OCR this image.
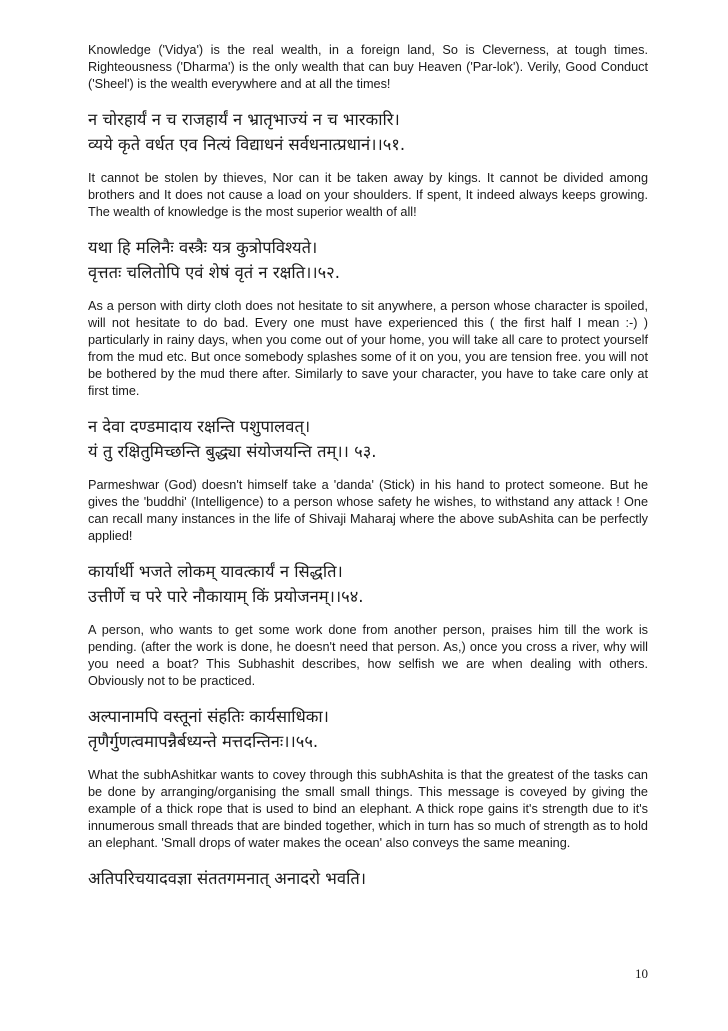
Knowledge ('Vidya') is the real wealth, in a foreign land, So is Cleverness, at tough times. Righteousness ('Dharma') is the only wealth that can buy Heaven ('Par-lok'). Verily, Good Conduct ('Sheel') is the wealth everywhere and at all the times!

न चोरहार्यं न च राजहार्यं न भ्रातृभाज्यं न च भारकारि।

व्यये कृते वर्धत एव नित्यं विद्याधनं सर्वधनात्प्रधानं।।५१.

It cannot be stolen by thieves, Nor can it be taken away by kings. It cannot be divided among brothers and It does not cause a load on your shoulders. If spent, It indeed always keeps growing. The wealth of knowledge is the most superior wealth of all!

यथा हि मलिनैः वस्त्रैः यत्र कुत्रोपविश्यते।

वृत्ततः चलितोपि एवं शेषं वृतं न रक्षति।।५२.

As a person with dirty cloth does not hesitate to sit anywhere, a person whose character is spoiled, will not hesitate to do bad. Every one must have experienced this ( the first half I mean :-) ) particularly in rainy days, when you come out of your home, you will take all care to protect yourself from the mud etc. But once somebody splashes some of it on you, you are tension free. you will not be bothered by the mud there after. Similarly to save your character, you have to take care only at first time.

न देवा दण्डमादाय रक्षन्ति पशुपालवत्।

यं तु रक्षितुमिच्छन्ति बुद्ध्या संयोजयन्ति तम्।। ५३.

Parmeshwar (God) doesn't himself take a 'danda' (Stick) in his hand to protect someone. But he gives the 'buddhi' (Intelligence) to a person whose safety he wishes, to withstand any attack ! One can recall many instances in the life of Shivaji Maharaj where the above subAshita can be perfectly applied!

कार्यार्थी भजते लोकम् यावत्कार्यं न सिद्धति।

उत्तीर्णे च परे पारे नौकायाम् किं प्रयोजनम्।।५४.

A person, who wants to get some work done from another person, praises him till the work is pending. (after the work is done, he doesn't need that person. As,) once you cross a river, why will you need a boat? This Subhashit describes, how selfish we are when dealing with others. Obviously not to be practiced.

अल्पानामपि वस्तूनां संहतिः कार्यसाधिका।

तृणैर्गुणत्वमापन्नैर्बध्यन्ते मत्तदन्तिनः।।५५.

What the subhAshitkar wants to covey through this subhAshita is that the greatest of the tasks can be done by arranging/organising the small small things. This message is coveyed by giving the example of a thick rope that is used to bind an elephant. A thick rope gains it's strength due to it's innumerous small threads that are binded together, which in turn has so much of strength as to hold an elephant. 'Small drops of water makes the ocean' also conveys the same meaning.

अतिपरिचयादवज्ञा संततगमनात् अनादरो भवति।

10
